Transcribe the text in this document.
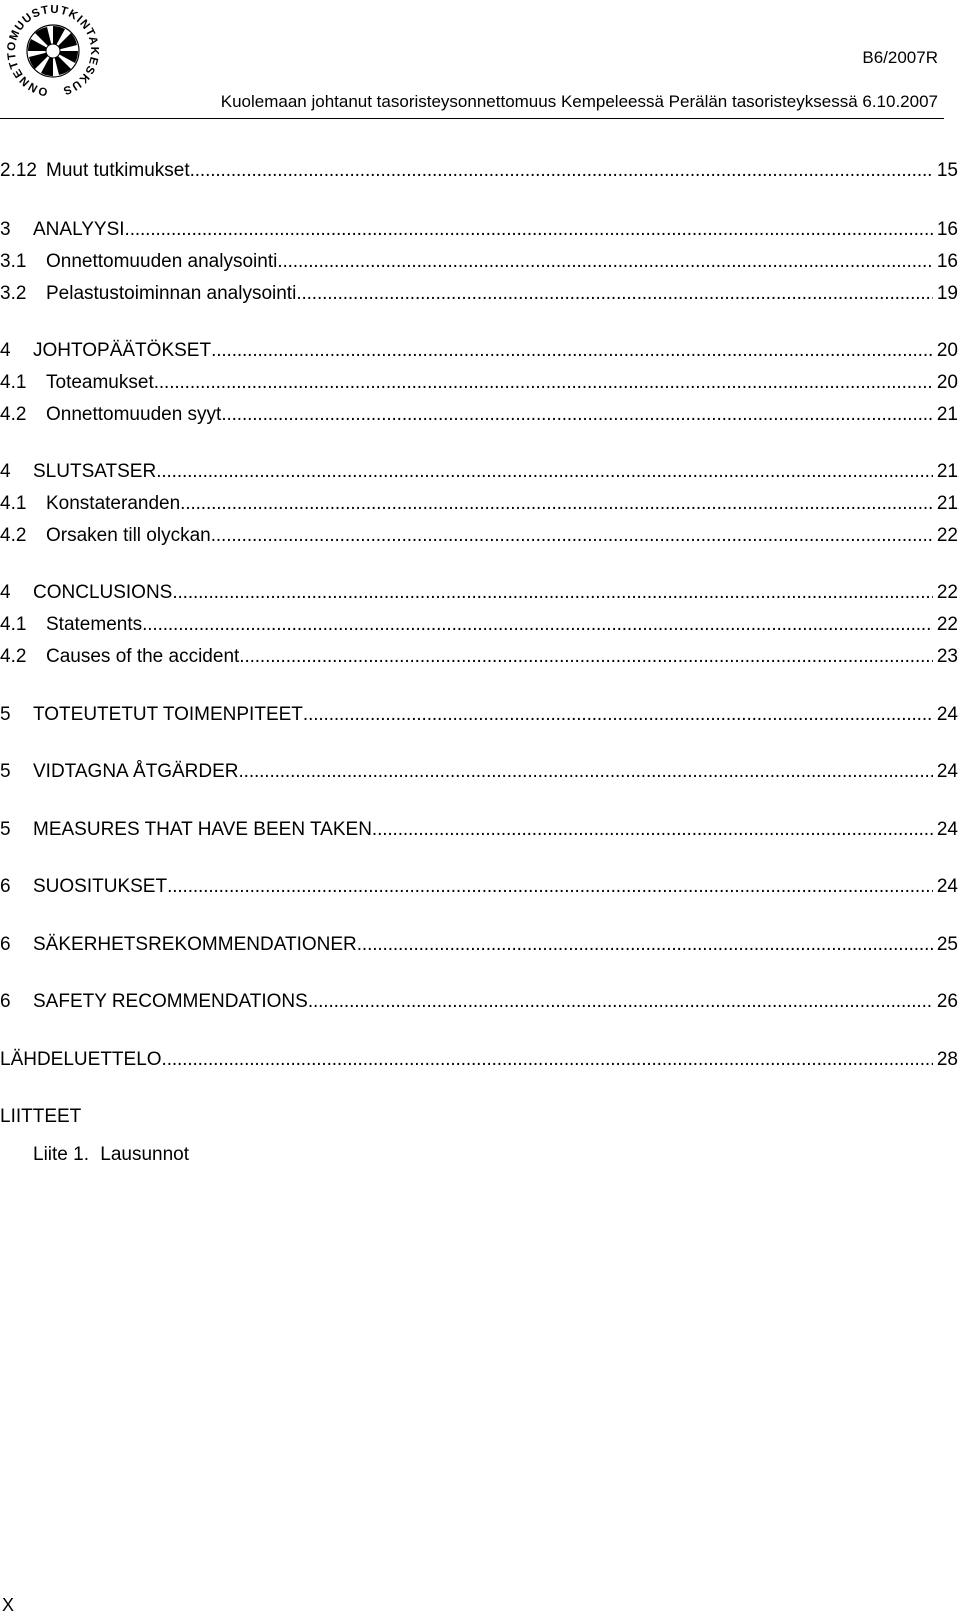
ONNETTOMUUSTUTKINTAKESKUS
B6/2007R
Kuolemaan johtanut tasoristeysonnettomuus Kempeleessä Perälän tasoristeyksessä 6.10.2007
2.12 Muut tutkimukset . . .	15
3	ANALYYSI . . .	16
3.1	Onnettomuuden analysointi . . .	16
3.2	Pelastustoiminnan analysointi . . .	19
4	JOHTOPÄÄTÖKSET . . .	20
4.1	Toteamukset . . .	20
4.2	Onnettomuuden syyt . . .	21
4	SLUTSATSER . . .	21
4.1	Konstateranden . . .	21
4.2	Orsaken till olyckan . . .	22
4	CONCLUSIONS . . .	22
4.1	Statements . . .	22
4.2	Causes of the accident . . .	23
5	TOTEUTETUT TOIMENPITEET . . .	24
5	VIDTAGNA ÅTGÄRDER . . .	24
5	MEASURES THAT HAVE BEEN TAKEN . . .	24
6	SUOSITUKSET . . .	24
6	SÄKERHETSREKOMMENDATIONER . . .	25
6	SAFETY RECOMMENDATIONS . . .	26
LÄHDELUETTELO . . .	28
LIITTEET
Liite 1. Lausunnot
X
